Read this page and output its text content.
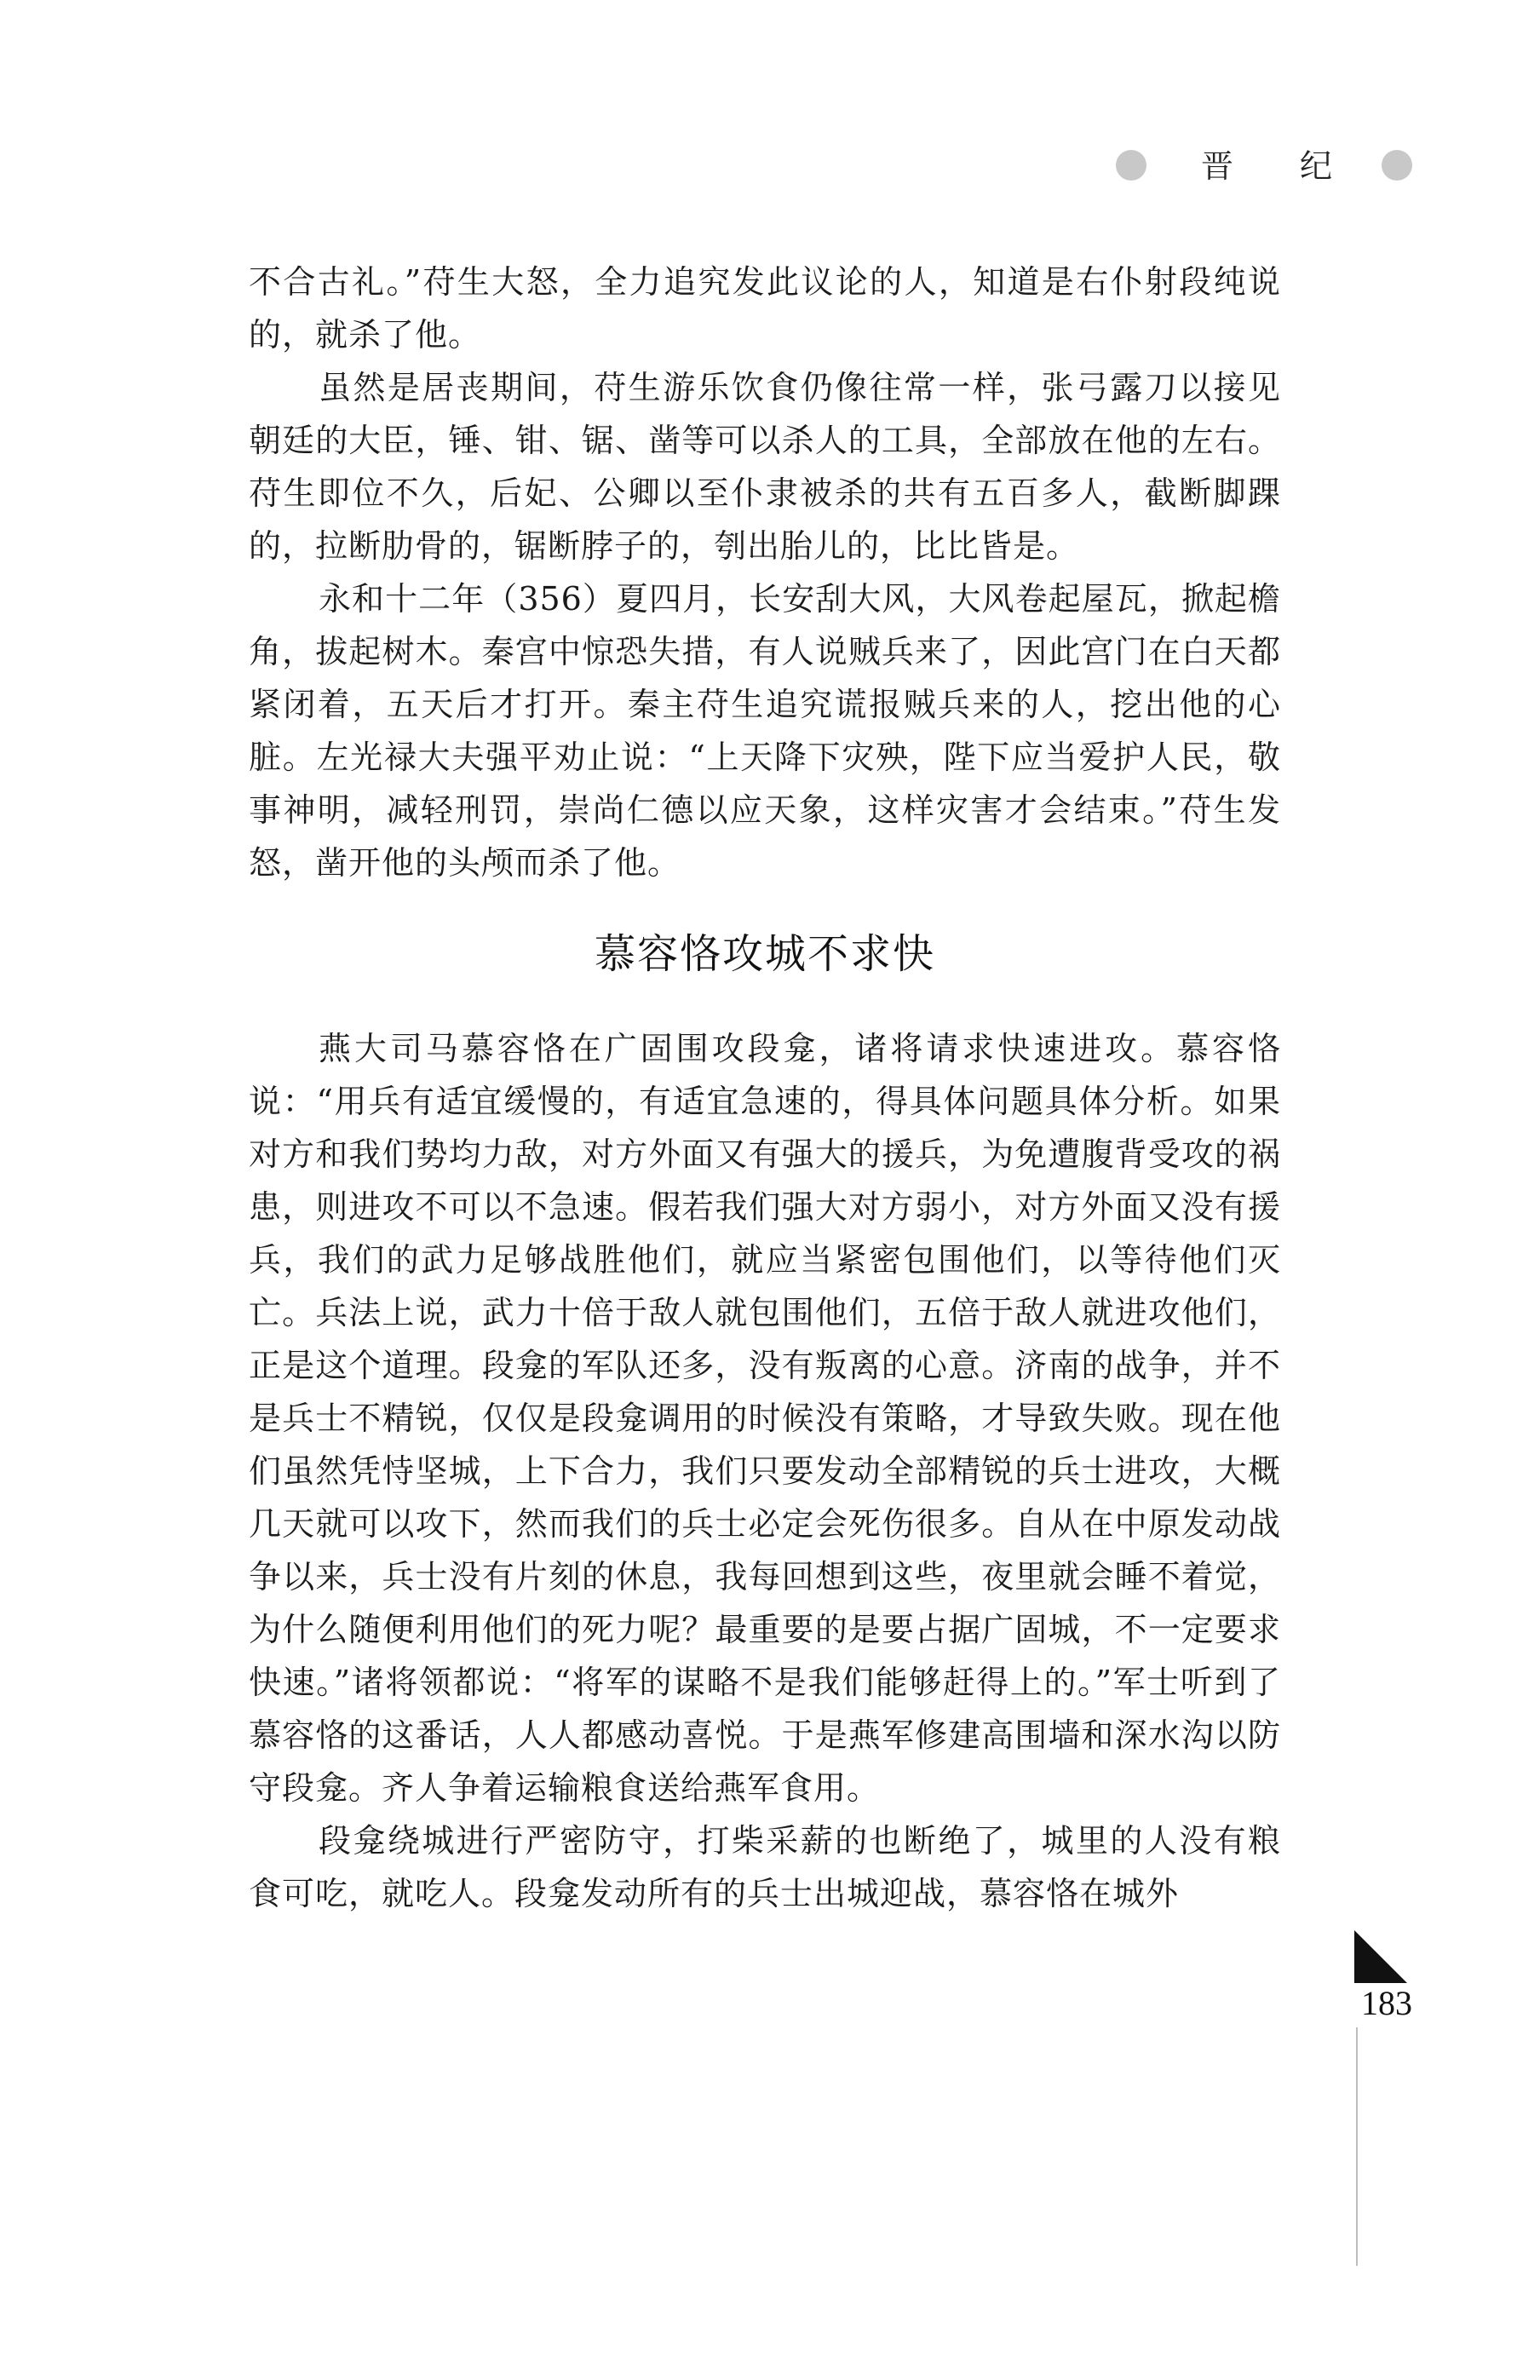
晋 纪

不合古礼。”苻生大怒，全力追究发此议论的人，知道是右仆射段纯说的，就杀了他。

虽然是居丧期间，苻生游乐饮食仍像往常一样，张弓露刀以接见朝廷的大臣，锤、钳、锯、凿等可以杀人的工具，全部放在他的左右。苻生即位不久，后妃、公卿以至仆隶被杀的共有五百多人，截断脚踝的，拉断肋骨的，锯断脖子的，刳出胎儿的，比比皆是。

永和十二年（356）夏四月，长安刮大风，大风卷起屋瓦，掀起檐角，拔起树木。秦宫中惊恐失措，有人说贼兵来了，因此宫门在白天都紧闭着，五天后才打开。秦主苻生追究谎报贼兵来的人，挖出他的心脏。左光禄大夫强平劝止说：“上天降下灾殃，陛下应当爱护人民，敬事神明，减轻刑罚，崇尚仁德以应天象，这样灾害才会结束。”苻生发怒，凿开他的头颅而杀了他。

慕容恪攻城不求快

燕大司马慕容恪在广固围攻段龛，诸将请求快速进攻。慕容恪说：“用兵有适宜缓慢的，有适宜急速的，得具体问题具体分析。如果对方和我们势均力敌，对方外面又有强大的援兵，为免遭腹背受攻的祸患，则进攻不可以不急速。假若我们强大对方弱小，对方外面又没有援兵，我们的武力足够战胜他们，就应当紧密包围他们，以等待他们灭亡。兵法上说，武力十倍于敌人就包围他们，五倍于敌人就进攻他们，正是这个道理。段龛的军队还多，没有叛离的心意。济南的战争，并不是兵士不精锐，仅仅是段龛调用的时候没有策略，才导致失败。现在他们虽然凭恃坚城，上下合力，我们只要发动全部精锐的兵士进攻，大概几天就可以攻下，然而我们的兵士必定会死伤很多。自从在中原发动战争以来，兵士没有片刻的休息，我每回想到这些，夜里就会睡不着觉，为什么随便利用他们的死力呢？最重要的是要占据广固城，不一定要求快速。”诸将领都说：“将军的谋略不是我们能够赶得上的。”军士听到了慕容恪的这番话，人人都感动喜悦。于是燕军修建高围墙和深水沟以防守段龛。齐人争着运输粮食送给燕军食用。

段龛绕城进行严密防守，打柴采薪的也断绝了，城里的人没有粮食可吃，就吃人。段龛发动所有的兵士出城迎战，慕容恪在城外

183
